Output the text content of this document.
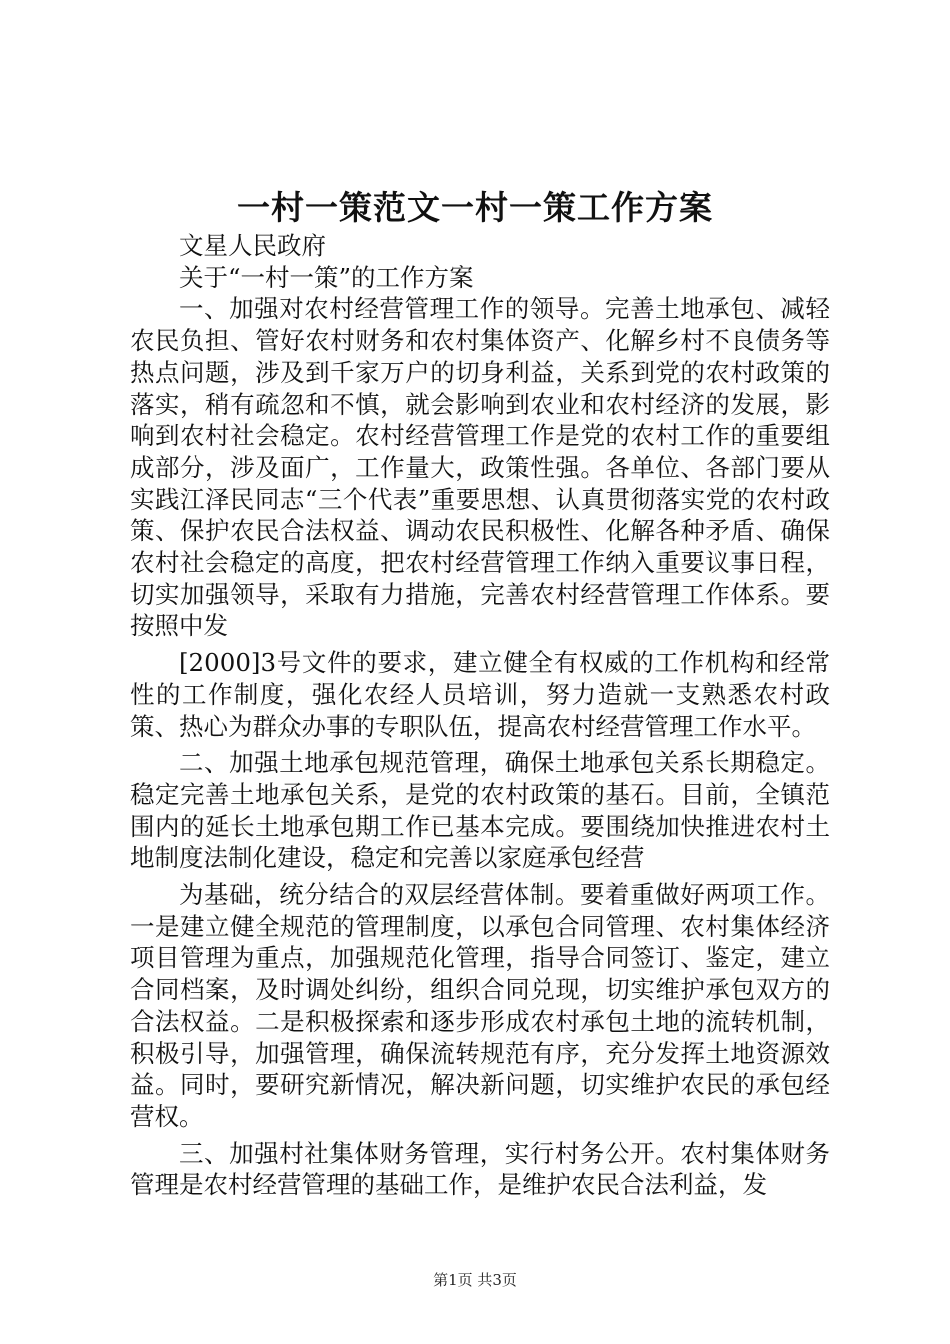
一村一策范文一村一策工作方案

文星人民政府

关于“一村一策”的工作方案

一、加强对农村经营管理工作的领导。完善土地承包、减轻农民负担、管好农村财务和农村集体资产、化解乡村不良债务等热点问题，涉及到千家万户的切身利益，关系到党的农村政策的落实，稍有疏忽和不慎，就会影响到农业和农村经济的发展，影响到农村社会稳定。农村经营管理工作是党的农村工作的重要组成部分，涉及面广，工作量大，政策性强。各单位、各部门要从实践江泽民同志“三个代表”重要思想、认真贯彻落实党的农村政策、保护农民合法权益、调动农民积极性、化解各种矛盾、确保农村社会稳定的高度，把农村经营管理工作纳入重要议事日程，切实加强领导，采取有力措施，完善农村经营管理工作体系。要按照中发

[2000]3号文件的要求，建立健全有权威的工作机构和经常性的工作制度，强化农经人员培训，努力造就一支熟悉农村政策、热心为群众办事的专职队伍，提高农村经营管理工作水平。

二、加强土地承包规范管理，确保土地承包关系长期稳定。稳定完善土地承包关系，是党的农村政策的基石。目前，全镇范围内的延长土地承包期工作已基本完成。要围绕加快推进农村土地制度法制化建设，稳定和完善以家庭承包经营

为基础，统分结合的双层经营体制。要着重做好两项工作。一是建立健全规范的管理制度，以承包合同管理、农村集体经济项目管理为重点，加强规范化管理，指导合同签订、鉴定，建立合同档案，及时调处纠纷，组织合同兑现，切实维护承包双方的合法权益。二是积极探索和逐步形成农村承包土地的流转机制，积极引导，加强管理，确保流转规范有序，充分发挥土地资源效益。同时，要研究新情况，解决新问题，切实维护农民的承包经营权。

三、加强村社集体财务管理，实行村务公开。农村集体财务管理是农村经营管理的基础工作，是维护农民合法利益，发

第1页 共3页
